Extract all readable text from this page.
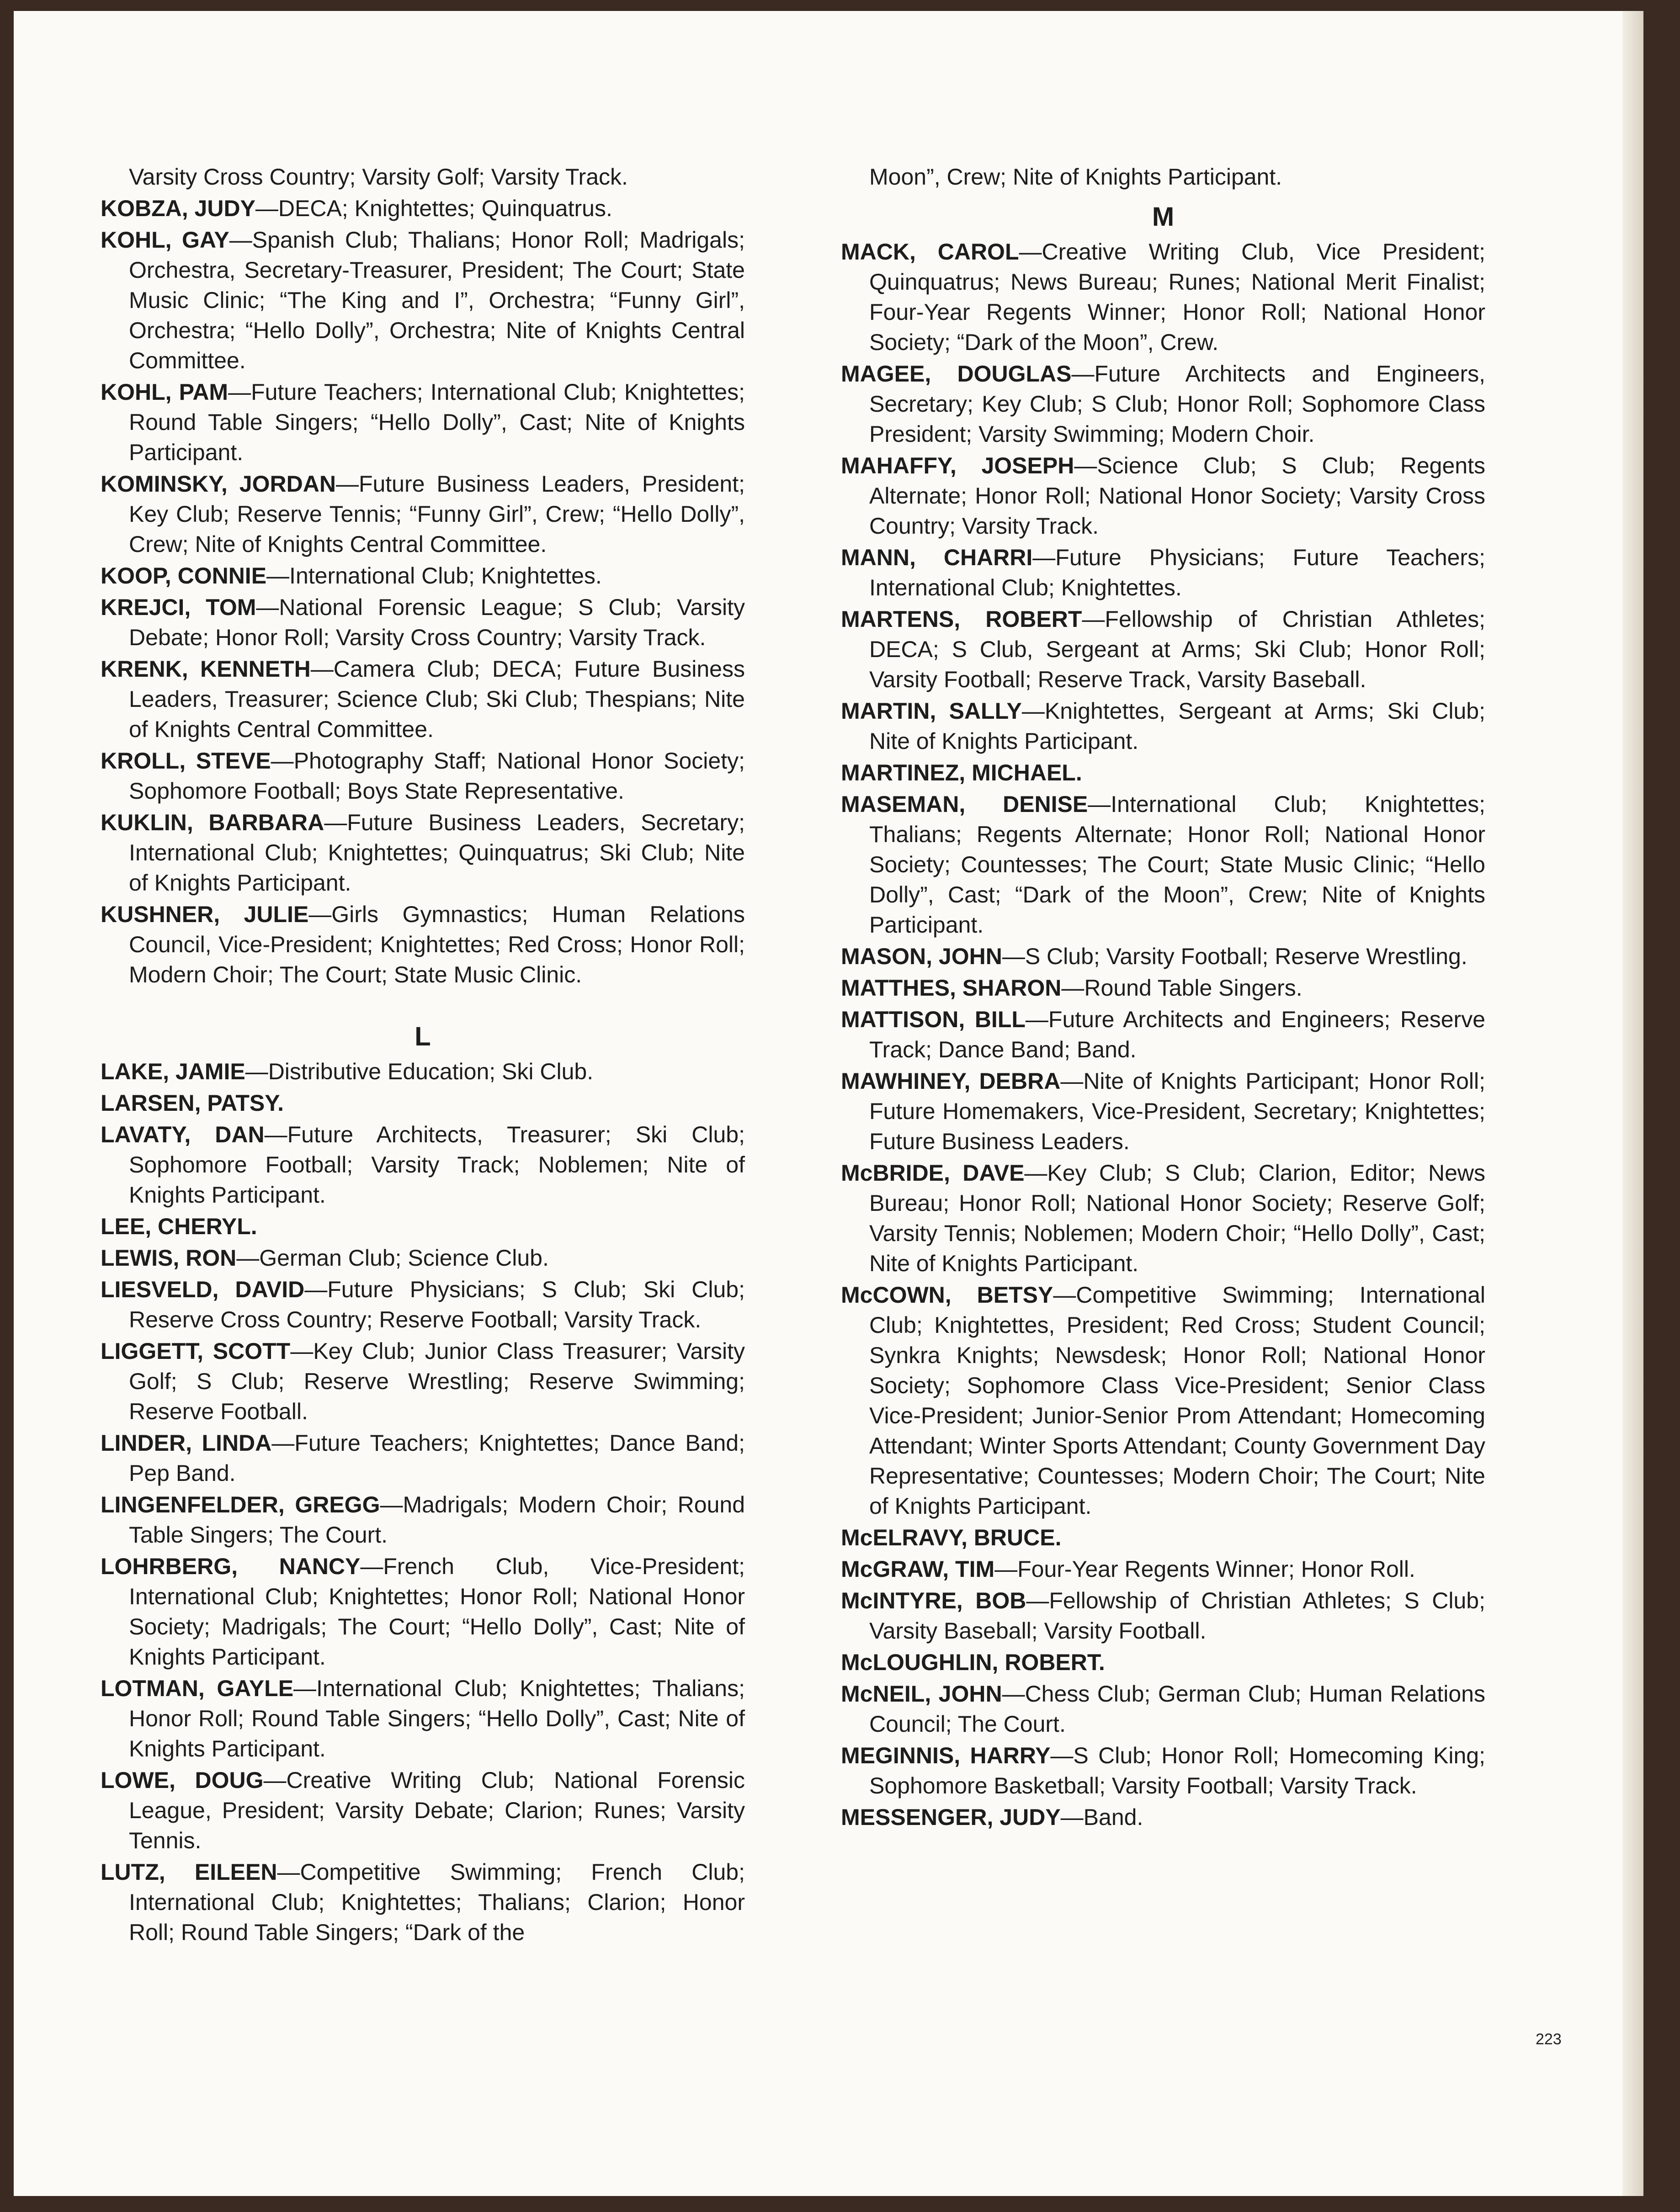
Varsity Cross Country; Varsity Golf; Varsity Track.
KOBZA, JUDY—DECA; Knightettes; Quinquatrus.
KOHL, GAY—Spanish Club; Thalians; Honor Roll; Madrigals; Orchestra, Secretary-Treasurer, President; The Court; State Music Clinic; “The King and I”, Orchestra; “Funny Girl”, Orchestra; “Hello Dolly”, Orchestra; Nite of Knights Central Committee.
KOHL, PAM—Future Teachers; International Club; Knightettes; Round Table Singers; “Hello Dolly”, Cast; Nite of Knights Participant.
KOMINSKY, JORDAN—Future Business Leaders, President; Key Club; Reserve Tennis; “Funny Girl”, Crew; “Hello Dolly”, Crew; Nite of Knights Central Committee.
KOOP, CONNIE—International Club; Knightettes.
KREJCI, TOM—National Forensic League; S Club; Varsity Debate; Honor Roll; Varsity Cross Country; Varsity Track.
KRENK, KENNETH—Camera Club; DECA; Future Business Leaders, Treasurer; Science Club; Ski Club; Thespians; Nite of Knights Central Committee.
KROLL, STEVE—Photography Staff; National Honor Society; Sophomore Football; Boys State Representative.
KUKLIN, BARBARA—Future Business Leaders, Secretary; International Club; Knightettes; Quinquatrus; Ski Club; Nite of Knights Participant.
KUSHNER, JULIE—Girls Gymnastics; Human Relations Council, Vice-President; Knightettes; Red Cross; Honor Roll; Modern Choir; The Court; State Music Clinic.
L
LAKE, JAMIE—Distributive Education; Ski Club.
LARSEN, PATSY.
LAVATY, DAN—Future Architects, Treasurer; Ski Club; Sophomore Football; Varsity Track; Noblemen; Nite of Knights Participant.
LEE, CHERYL.
LEWIS, RON—German Club; Science Club.
LIESVELD, DAVID—Future Physicians; S Club; Ski Club; Reserve Cross Country; Reserve Football; Varsity Track.
LIGGETT, SCOTT—Key Club; Junior Class Treasurer; Varsity Golf; S Club; Reserve Wrestling; Reserve Swimming; Reserve Football.
LINDER, LINDA—Future Teachers; Knightettes; Dance Band; Pep Band.
LINGENFELDER, GREGG—Madrigals; Modern Choir; Round Table Singers; The Court.
LOHRBERG, NANCY—French Club, Vice-President; International Club; Knightettes; Honor Roll; National Honor Society; Madrigals; The Court; “Hello Dolly”, Cast; Nite of Knights Participant.
LOTMAN, GAYLE—International Club; Knightettes; Thalians; Honor Roll; Round Table Singers; “Hello Dolly”, Cast; Nite of Knights Participant.
LOWE, DOUG—Creative Writing Club; National Forensic League, President; Varsity Debate; Clarion; Runes; Varsity Tennis.
LUTZ, EILEEN—Competitive Swimming; French Club; International Club; Knightettes; Thalians; Clarion; Honor Roll; Round Table Singers; “Dark of the
Moon”, Crew; Nite of Knights Participant.
M
MACK, CAROL—Creative Writing Club, Vice President; Quinquatrus; News Bureau; Runes; National Merit Finalist; Four-Year Regents Winner; Honor Roll; National Honor Society; “Dark of the Moon”, Crew.
MAGEE, DOUGLAS—Future Architects and Engineers, Secretary; Key Club; S Club; Honor Roll; Sophomore Class President; Varsity Swimming; Modern Choir.
MAHAFFY, JOSEPH—Science Club; S Club; Regents Alternate; Honor Roll; National Honor Society; Varsity Cross Country; Varsity Track.
MANN, CHARRI—Future Physicians; Future Teachers; International Club; Knightettes.
MARTENS, ROBERT—Fellowship of Christian Athletes; DECA; S Club, Sergeant at Arms; Ski Club; Honor Roll; Varsity Football; Reserve Track, Varsity Baseball.
MARTIN, SALLY—Knightettes, Sergeant at Arms; Ski Club; Nite of Knights Participant.
MARTINEZ, MICHAEL.
MASEMAN, DENISE—International Club; Knightettes; Thalians; Regents Alternate; Honor Roll; National Honor Society; Countesses; The Court; State Music Clinic; “Hello Dolly”, Cast; “Dark of the Moon”, Crew; Nite of Knights Participant.
MASON, JOHN—S Club; Varsity Football; Reserve Wrestling.
MATTHES, SHARON—Round Table Singers.
MATTISON, BILL—Future Architects and Engineers; Reserve Track; Dance Band; Band.
MAWHINEY, DEBRA—Nite of Knights Participant; Honor Roll; Future Homemakers, Vice-President, Secretary; Knightettes; Future Business Leaders.
McBRIDE, DAVE—Key Club; S Club; Clarion, Editor; News Bureau; Honor Roll; National Honor Society; Reserve Golf; Varsity Tennis; Noblemen; Modern Choir; “Hello Dolly”, Cast; Nite of Knights Participant.
McCOWN, BETSY—Competitive Swimming; International Club; Knightettes, President; Red Cross; Student Council; Synkra Knights; Newsdesk; Honor Roll; National Honor Society; Sophomore Class Vice-President; Senior Class Vice-President; Junior-Senior Prom Attendant; Homecoming Attendant; Winter Sports Attendant; County Government Day Representative; Countesses; Modern Choir; The Court; Nite of Knights Participant.
McELRAVY, BRUCE.
McGRAW, TIM—Four-Year Regents Winner; Honor Roll.
McINTYRE, BOB—Fellowship of Christian Athletes; S Club; Varsity Baseball; Varsity Football.
McLOUGHLIN, ROBERT.
McNEIL, JOHN—Chess Club; German Club; Human Relations Council; The Court.
MEGINNIS, HARRY—S Club; Honor Roll; Homecoming King; Sophomore Basketball; Varsity Football; Varsity Track.
MESSENGER, JUDY—Band.
223
